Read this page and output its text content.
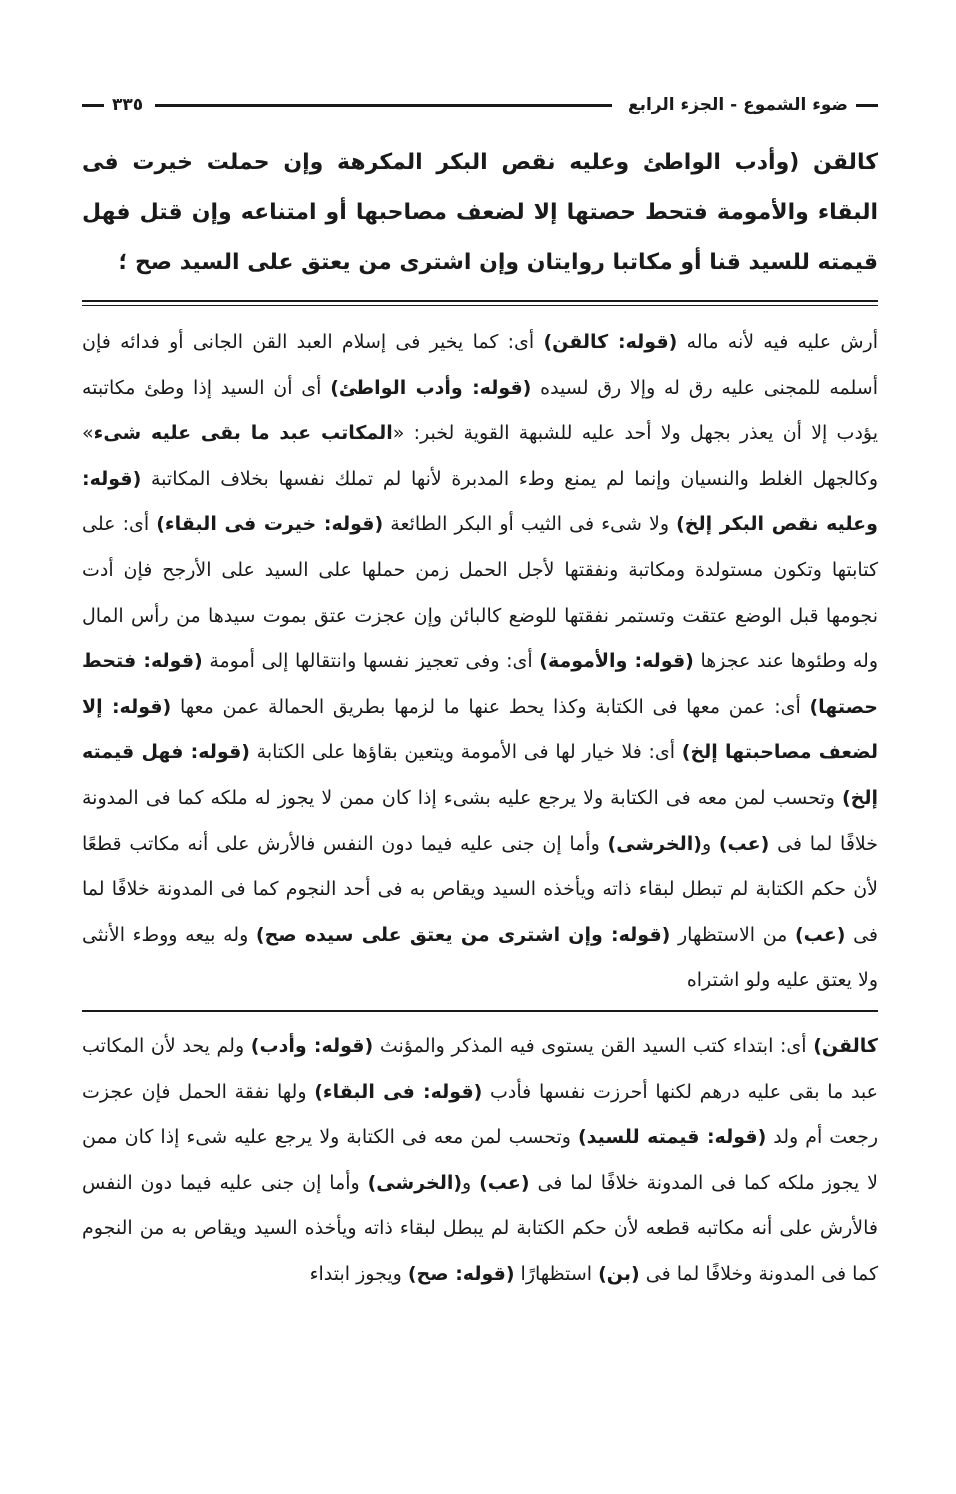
ضوء الشموع - الجزء الرابع
٣٣٥
كالقن (وأدب الواطئ وعليه نقص البكر المكرهة وإن حملت خيرت فى البقاء والأمومة فتحط حصتها إلا لضعف مصاحبها أو امتناعه وإن قتل فهل قيمته للسيد قنا أو مكاتبا روايتان وإن اشترى من يعتق على السيد صح ؛
أرش عليه فيه لأنه ماله (قوله: كالقن) أى: كما يخير فى إسلام العبد القن الجانى أو فدائه فإن أسلمه للمجنى عليه رق له وإلا رق لسيده (قوله: وأدب الواطئ) أى أن السيد إذا وطئ مكاتبته يؤدب إلا أن يعذر بجهل ولا أحد عليه للشبهة القوية لخبر: «المكاتب عبد ما بقى عليه شىء» وكالجهل الغلط والنسيان وإنما لم يمنع وطء المدبرة لأنها لم تملك نفسها بخلاف المكاتبة (قوله: وعليه نقص البكر إلخ) ولا شىء فى الثيب أو البكر الطائعة (قوله: خيرت فى البقاء) أى: على كتابتها وتكون مستولدة ومكاتبة ونفقتها لأجل الحمل زمن حملها على السيد على الأرجح فإن أدت نجومها قبل الوضع عتقت وتستمر نفقتها للوضع كالبائن وإن عجزت عتق بموت سيدها من رأس المال وله وطئوها عند عجزها (قوله: والأمومة) أى: وفى تعجيز نفسها وانتقالها إلى أمومة (قوله: فتحط حصتها) أى: عمن معها فى الكتابة وكذا يحط عنها ما لزمها بطريق الحمالة عمن معها (قوله: إلا لضعف مصاحبتها إلخ) أى: فلا خيار لها فى الأمومة ويتعين بقاؤها على الكتابة (قوله: فهل قيمته إلخ) وتحسب لمن معه فى الكتابة ولا يرجع عليه بشىء إذا كان ممن لا يجوز له ملكه كما فى المدونة خلافًا لما فى (عب) و(الخرشى) وأما إن جنى عليه فيما دون النفس فالأرش على أنه مكاتب قطعًا لأن حكم الكتابة لم تبطل لبقاء ذاته ويأخذه السيد ويقاص به فى أحد النجوم كما فى المدونة خلافًا لما فى (عب) من الاستظهار (قوله: وإن اشترى من يعتق على سيده صح) وله بيعه ووطء الأنثى ولا يعتق عليه ولو اشتراه
كالقن) أى: ابتداء كتب السيد القن يستوى فيه المذكر والمؤنث (قوله: وأدب) ولم يحد لأن المكاتب عبد ما بقى عليه درهم لكنها أحرزت نفسها فأدب (قوله: فى البقاء) ولها نفقة الحمل فإن عجزت رجعت أم ولد (قوله: قيمته للسيد) وتحسب لمن معه فى الكتابة ولا يرجع عليه شىء إذا كان ممن لا يجوز ملكه كما فى المدونة خلافًا لما فى (عب) و(الخرشى) وأما إن جنى عليه فيما دون النفس فالأرش على أنه مكاتبه قطعه لأن حكم الكتابة لم يبطل لبقاء ذاته ويأخذه السيد ويقاص به من النجوم كما فى المدونة وخلافًا لما فى (بن) استظهارًا (قوله: صح) ويجوز ابتداء
